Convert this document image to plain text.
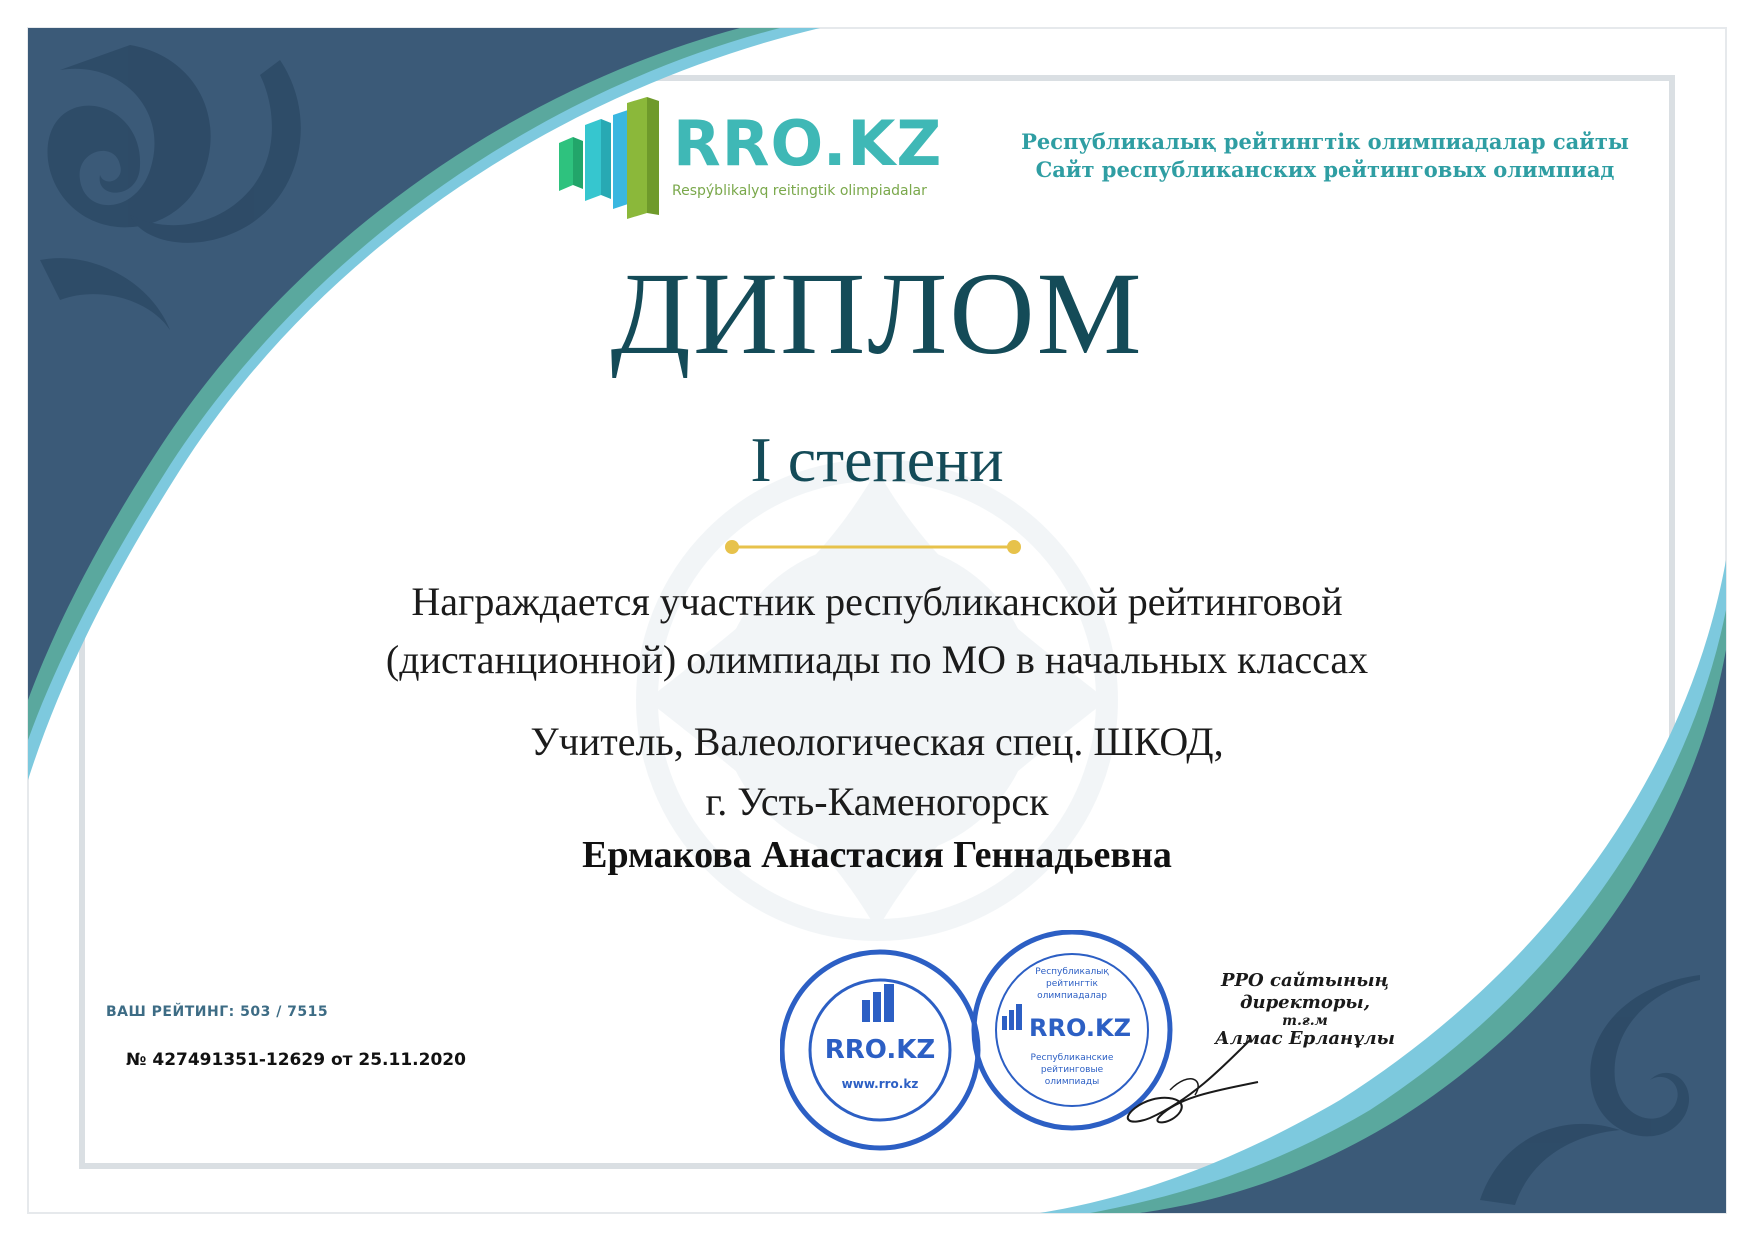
RRO.KZ
Respýblikalyq reitingtik olimpiadalar
Республикалық рейтингтік олимпиадалар сайты
Сайт республиканских рейтинговых олимпиад
ДИПЛОМ
I степени
Награждается участник республиканской рейтинговой
(дистанционной) олимпиады по МО в начальных классах
Учитель, Валеологическая спец. ШКОД,
г. Усть-Каменогорск
Ермакова Анастасия Геннадьевна
ВАШ РЕЙТИНГ: 503 / 7515
№ 427491351-12629 от 25.11.2020	RRO.KZ
www.rro.kz
Республикалық
рейтингтік
олимпиадалар
RRO.KZ
Республиканские
рейтинговые
олимпиады
РРО сайтының директоры,
т.ғ.м
Алмас Ерланұлы
